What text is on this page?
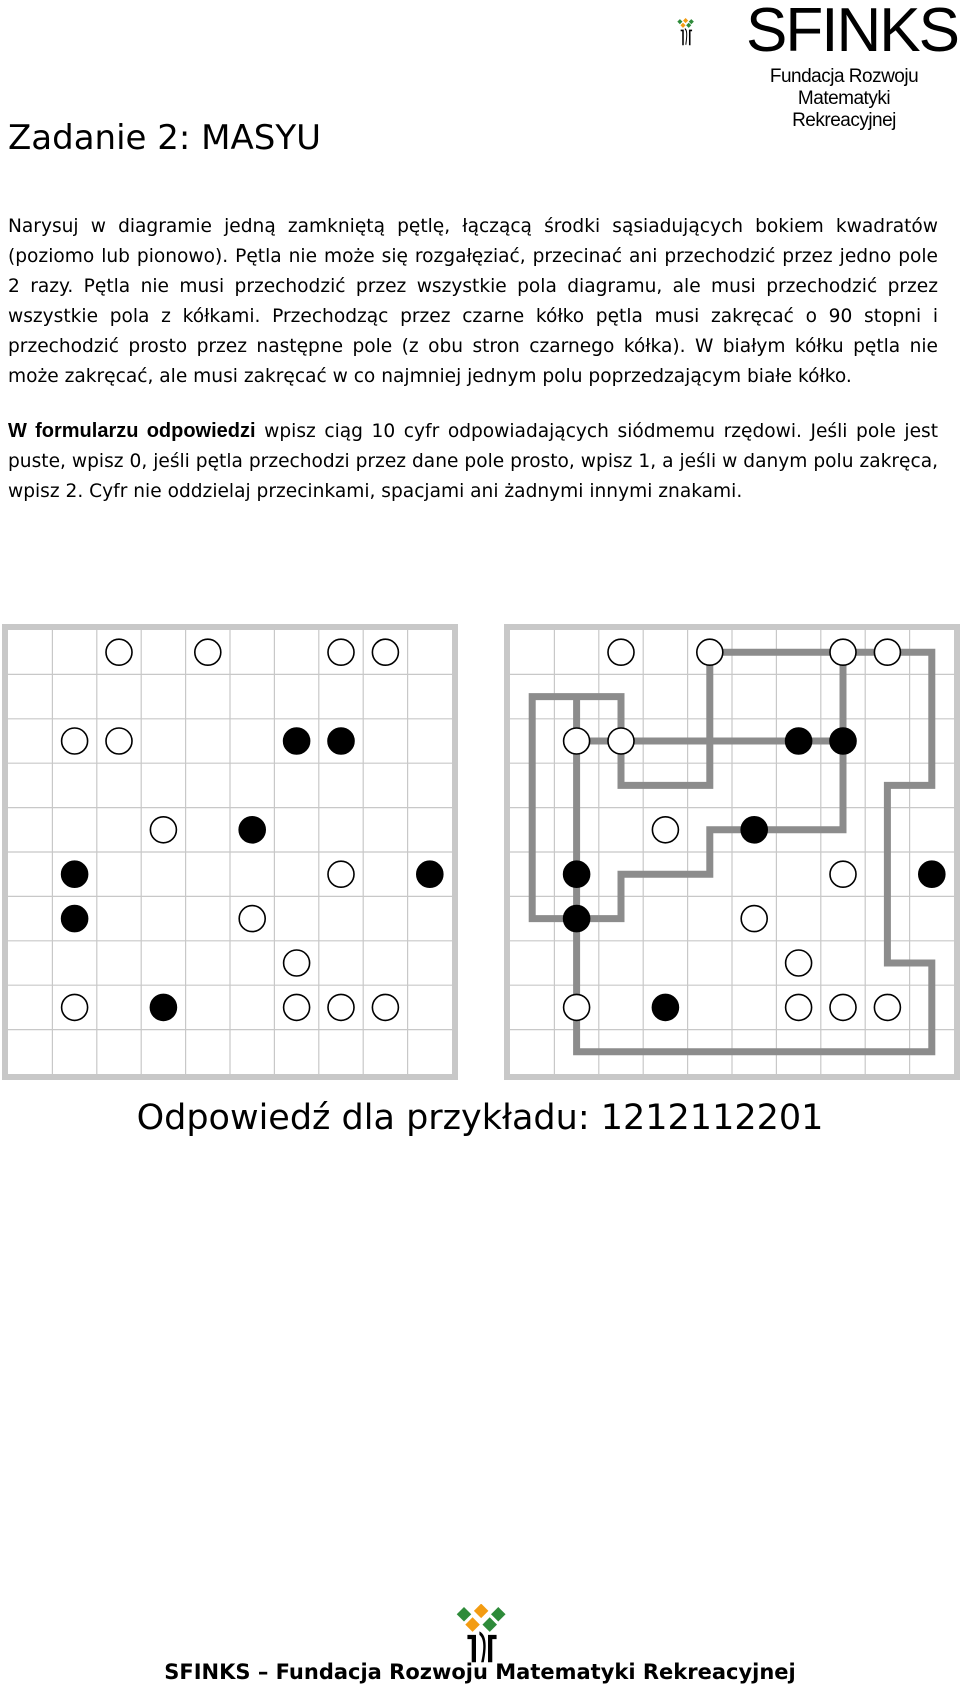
SFINKS
Fundacja Rozwoju
Matematyki Rekreacyjnej
Zadanie 2: MASYU

Narysuj w diagramie jedną zamkniętą pętlę, łączącą środki sąsiadujących bokiem kwadratów (poziomo lub pionowo). Pętla nie może się rozgałęziać, przecinać ani przechodzić przez jedno pole 2 razy. Pętla nie musi przechodzić przez wszystkie pola diagramu, ale musi przechodzić przez wszystkie pola z kółkami. Przechodząc przez czarne kółko pętla musi zakręcać o 90 stopni i przechodzić prosto przez następne pole (z obu stron czarnego kółka). W białym kółku pętla nie może zakręcać, ale musi zakręcać w co najmniej jednym polu poprzedzającym białe kółko.

W formularzu odpowiedzi wpisz ciąg 10 cyfr odpowiadających siódmemu rzędowi. Jeśli pole jest puste, wpisz 0, jeśli pętla przechodzi przez dane pole prosto, wpisz 1, a jeśli w danym polu zakręca, wpisz 2. Cyfr nie oddzielaj przecinkami, spacjami ani żadnymi innymi znakami.

Odpowiedź dla przykładu: 1212112201
SFINKS – Fundacja Rozwoju Matematyki Rekreacyjnej
